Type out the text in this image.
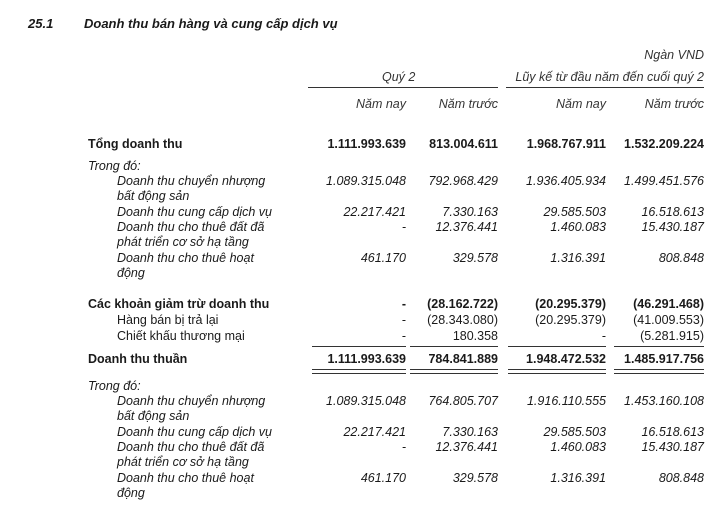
25.1 Doanh thu bán hàng và cung cấp dịch vụ
Ngàn VND
Quý 2	Lũy kế từ đầu năm đến cuối quý 2
Năm nay	Năm trước	Năm nay	Năm trước
Tổng doanh thu	1.111.993.639 813.004.611 1.968.767.911 1.532.209.224
Trong đó:
Doanh thu chuyển nhượng
bất động sản
1.089.315.048 792.968.429 1.936.405.934 1.499.451.576
Doanh thu cung cấp dịch vụ	22.217.421	7.330.163	29.585.503	16.518.613
Doanh thu cho thuê đất đã
phát triển cơ sở hạ tầng
- 12.376.441	1.460.083	15.430.187
Doanh thu cho thuê hoạt
động
461.170	329.578	1.316.391	808.848
Các khoản giảm trừ doanh thu	- (28.162.722)	(20.295.379) (46.291.468)
Hàng bán bị trả lại	- (28.343.080)	(20.295.379) (41.009.553)
Chiết khấu thương mại	-	180.358	-	(5.281.915)
Doanh thu thuần	1.111.993.639 784.841.889 1.948.472.532 1.485.917.756
Trong đó:
Doanh thu chuyển nhượng
bất động sản
1.089.315.048 764.805.707 1.916.110.555 1.453.160.108
Doanh thu cung cấp dịch vụ	22.217.421	7.330.163	29.585.503	16.518.613
Doanh thu cho thuê đất đã
phát triển cơ sở hạ tầng
- 12.376.441	1.460.083	15.430.187
Doanh thu cho thuê hoạt
động
461.170	329.578	1.316.391	808.848
